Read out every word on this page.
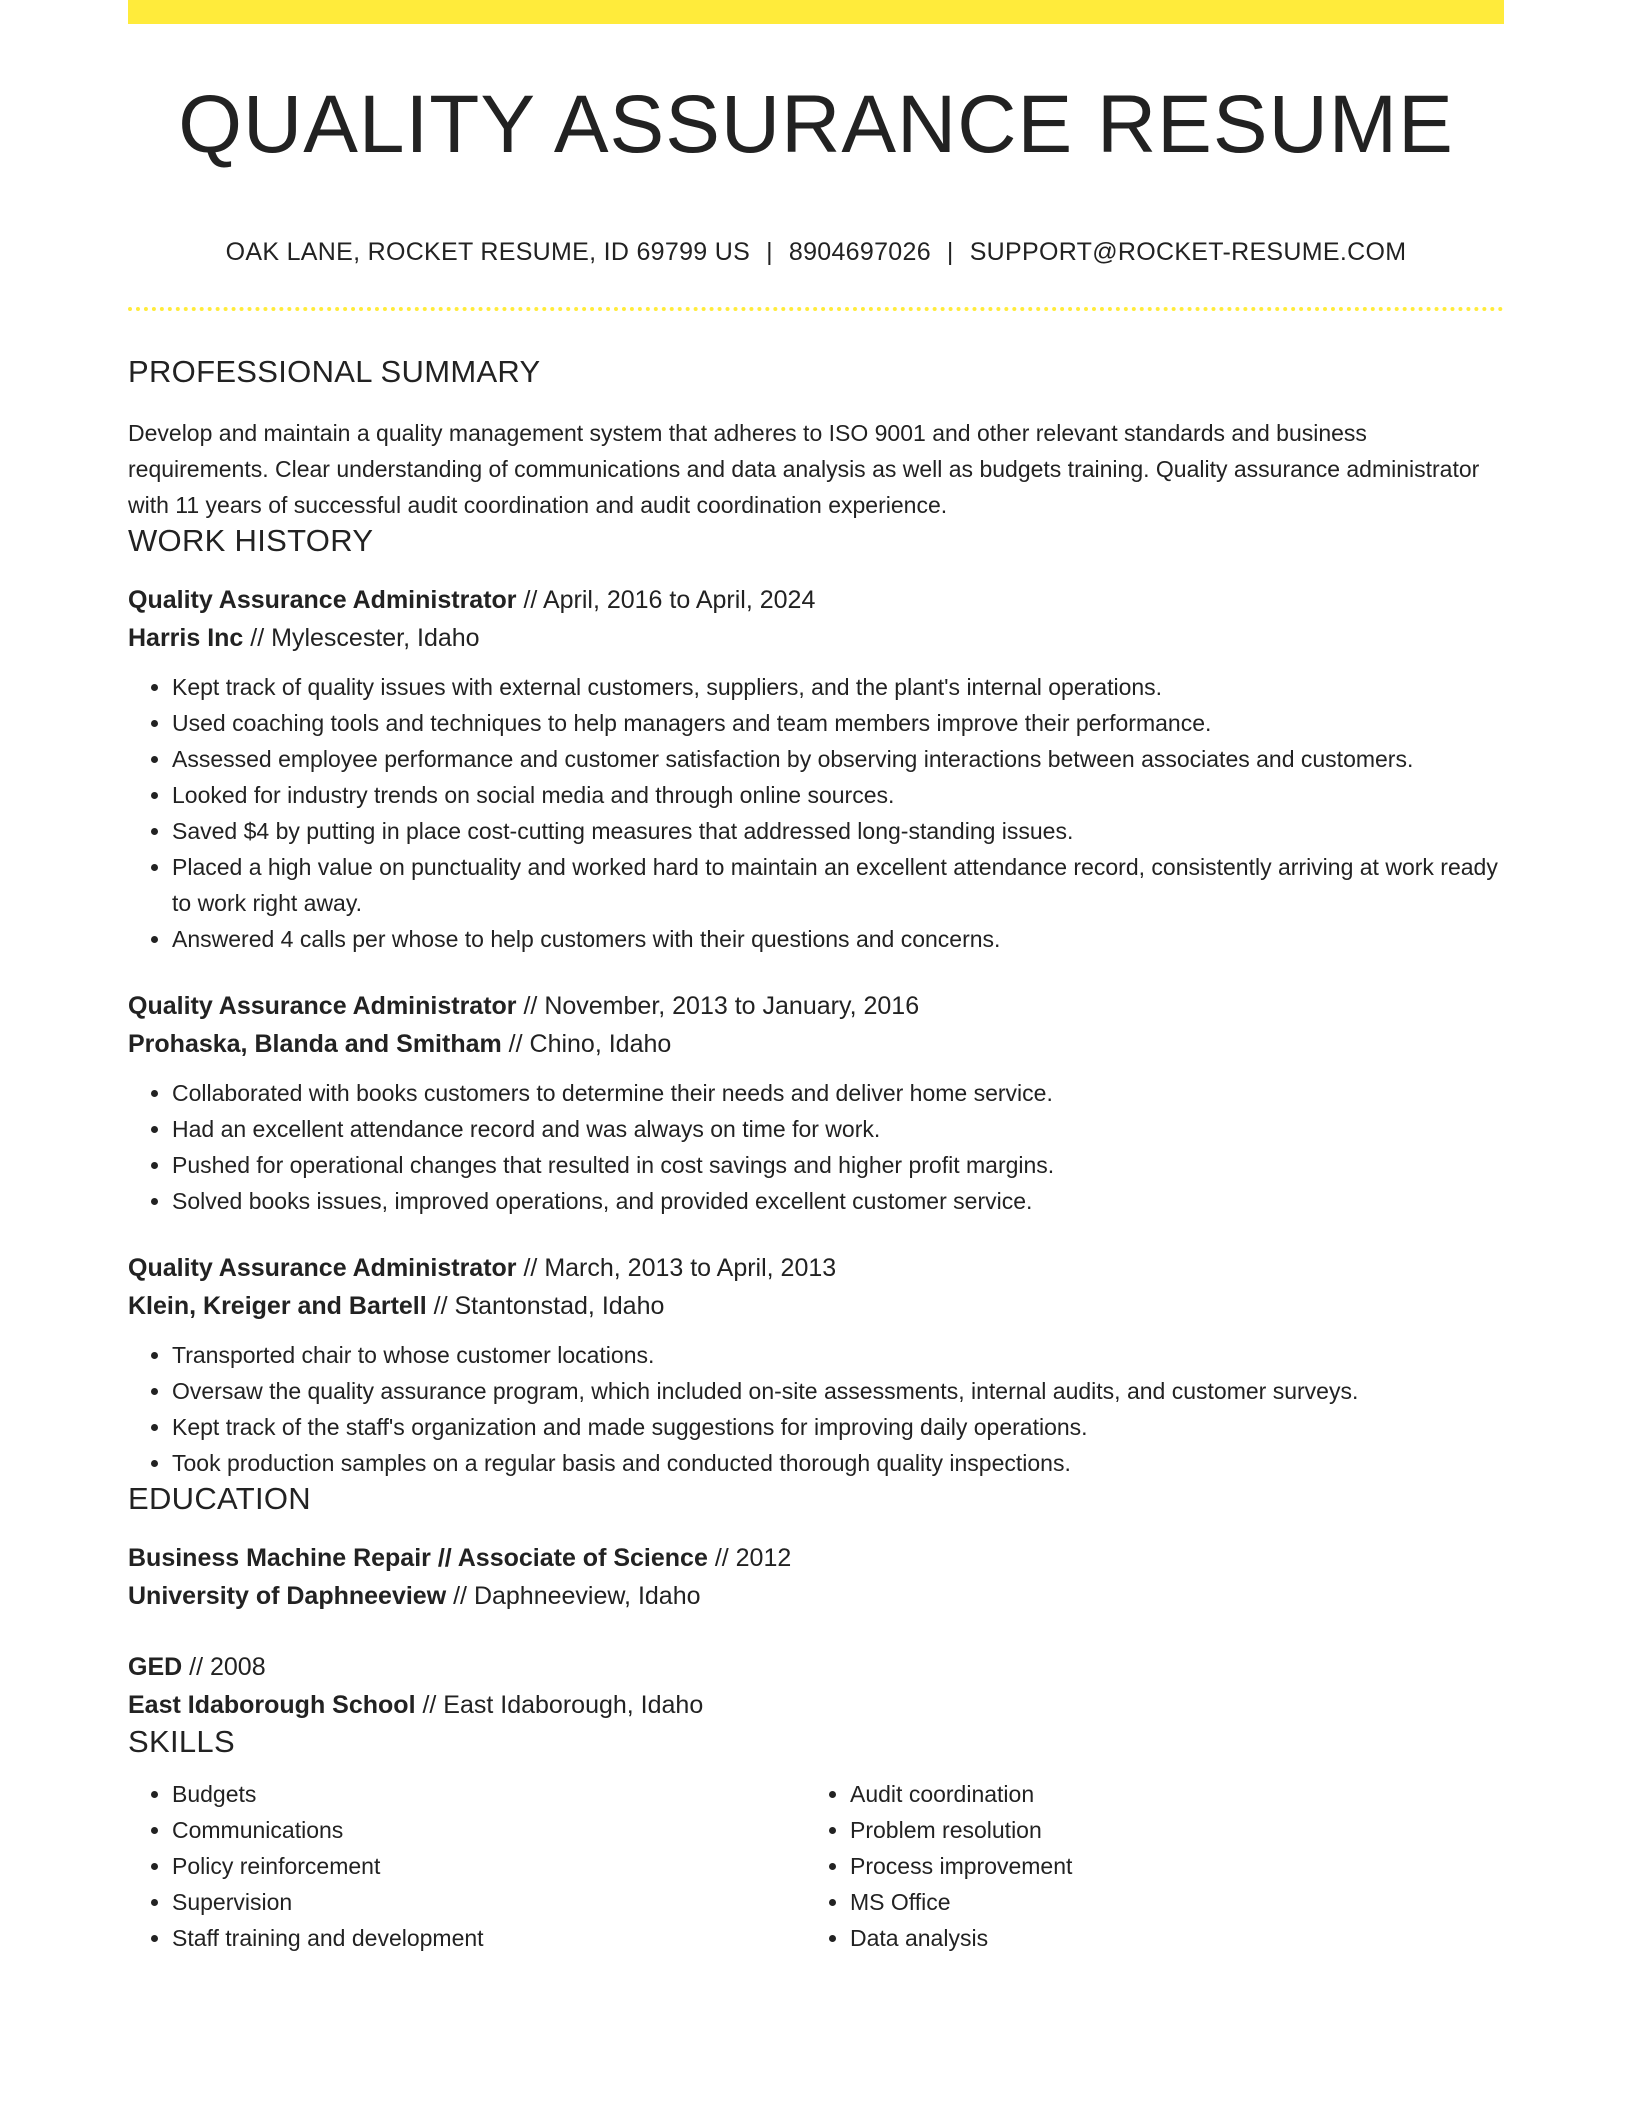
QUALITY ASSURANCE RESUME
OAK LANE, ROCKET RESUME, ID 69799 US | 8904697026 | SUPPORT@ROCKET-RESUME.COM
PROFESSIONAL SUMMARY

Develop and maintain a quality management system that adheres to ISO 9001 and other relevant standards and business requirements. Clear understanding of communications and data analysis as well as budgets training. Quality assurance administrator with 11 years of successful audit coordination and audit coordination experience.

WORK HISTORY

Quality Assurance Administrator // April, 2016 to April, 2024

Harris Inc // Mylescester, Idaho

• Kept track of quality issues with external customers, suppliers, and the plant's internal operations.
• Used coaching tools and techniques to help managers and team members improve their performance.
• Assessed employee performance and customer satisfaction by observing interactions between associates and customers.
• Looked for industry trends on social media and through online sources.
• Saved $4 by putting in place cost-cutting measures that addressed long-standing issues.
• Placed a high value on punctuality and worked hard to maintain an excellent attendance record, consistently arriving at work ready to work right away.
• Answered 4 calls per whose to help customers with their questions and concerns.

Quality Assurance Administrator // November, 2013 to January, 2016

Prohaska, Blanda and Smitham // Chino, Idaho

• Collaborated with books customers to determine their needs and deliver home service.
• Had an excellent attendance record and was always on time for work.
• Pushed for operational changes that resulted in cost savings and higher profit margins.
• Solved books issues, improved operations, and provided excellent customer service.

Quality Assurance Administrator // March, 2013 to April, 2013

Klein, Kreiger and Bartell // Stantonstad, Idaho

• Transported chair to whose customer locations.
• Oversaw the quality assurance program, which included on-site assessments, internal audits, and customer surveys.
• Kept track of the staff's organization and made suggestions for improving daily operations.
• Took production samples on a regular basis and conducted thorough quality inspections.
EDUCATION

Business Machine Repair // Associate of Science // 2012

University of Daphneeview // Daphneeview, Idaho

GED // 2008

East Idaborough School // East Idaborough, Idaho

SKILLS
• Budgets
• Communications
• Policy reinforcement
• Supervision
• Staff training and development
• Audit coordination
• Problem resolution
• Process improvement
• MS Office
• Data analysis
